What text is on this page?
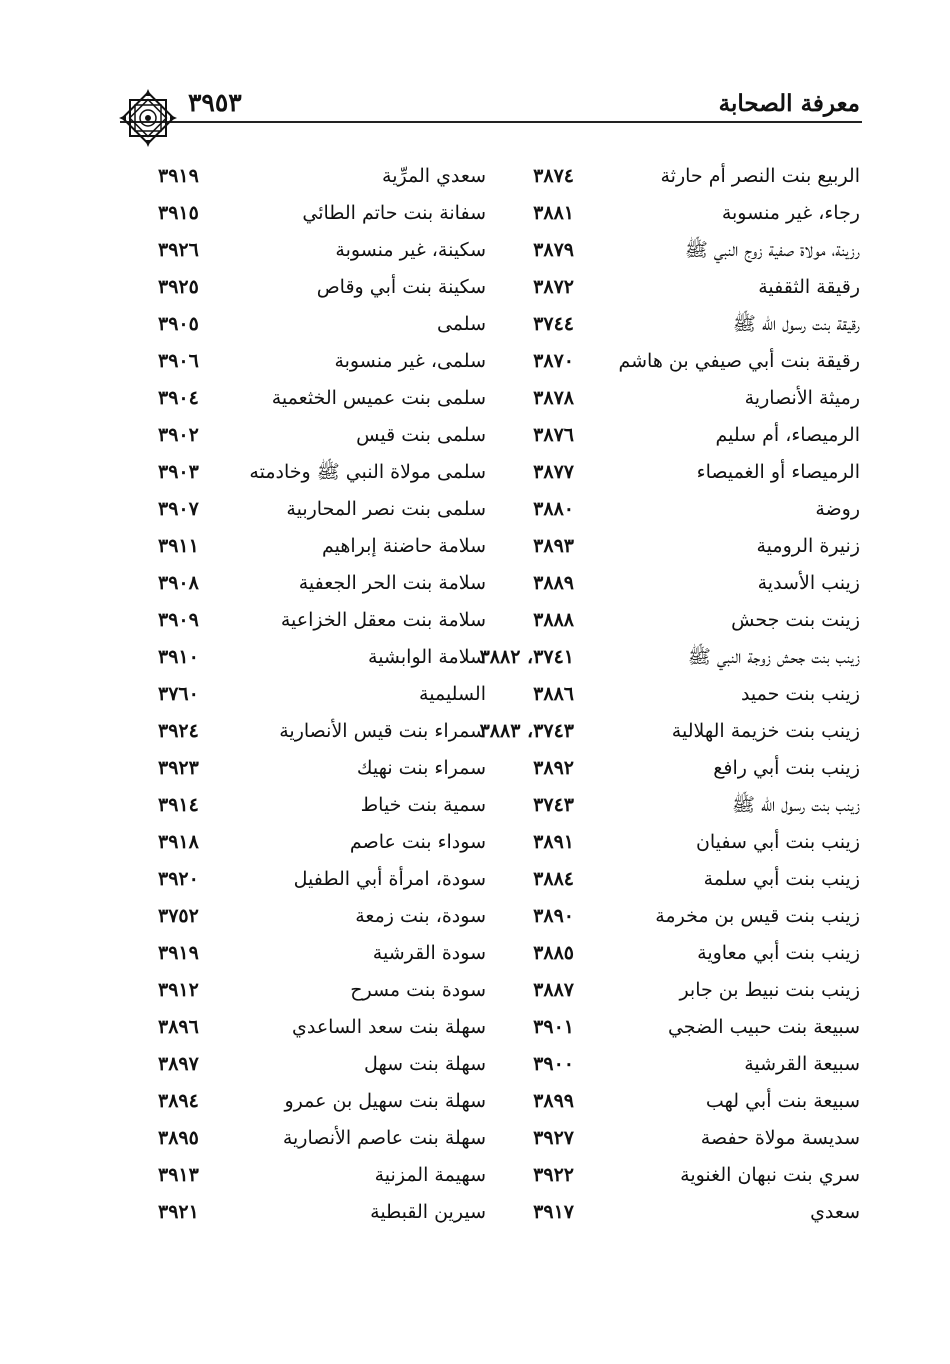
معرفة الصحابة
٣٩٥٣
الربيع بنت النصر أم حارثة
٣٨٧٤
سعدي المرِّية
٣٩١٩
رجاء، غير منسوبة
٣٨٨١
سفانة بنت حاتم الطائي
٣٩١٥
رزينة، مولاة صفية زوج النبي ﷺ
٣٨٧٩
سكينة، غير منسوبة
٣٩٢٦
رقيقة الثقفية
٣٨٧٢
سكينة بنت أبي وقاص
٣٩٢٥
رقيقة بنت رسول الله ﷺ
٣٧٤٤
سلمى
٣٩٠٥
رقيقة بنت أبي صيفي بن هاشم
٣٨٧٠
سلمى، غير منسوبة
٣٩٠٦
رميثة الأنصارية
٣٨٧٨
سلمى بنت عميس الخثعمية
٣٩٠٤
الرميصاء، أم سليم
٣٨٧٦
سلمى بنت قيس
٣٩٠٢
الرميصاء أو الغميصاء
٣٨٧٧
سلمى مولاة النبي ﷺ وخادمته
٣٩٠٣
روضة
٣٨٨٠
سلمى بنت نصر المحاربية
٣٩٠٧
زنيرة الرومية
٣٨٩٣
سلامة حاضنة إبراهيم
٣٩١١
زينب الأسدية
٣٨٨٩
سلامة بنت الحر الجعفية
٣٩٠٨
زينت بنت جحش
٣٨٨٨
سلامة بنت معقل الخزاعية
٣٩٠٩
زينب بنت جحش زوجة النبي ﷺ
٣٧٤١، ٣٨٨٢
سلامة الوابشية
٣٩١٠
زينب بنت حميد
٣٨٨٦
السليمية
٣٧٦٠
زينب بنت خزيمة الهلالية
٣٧٤٣، ٣٨٨٣
سمراء بنت قيس الأنصارية
٣٩٢٤
زينب بنت أبي رافع
٣٨٩٢
سمراء بنت نهيك
٣٩٢٣
زينب بنت رسول الله ﷺ
٣٧٤٣
سمية بنت خياط
٣٩١٤
زينب بنت أبي سفيان
٣٨٩١
سوداء بنت عاصم
٣٩١٨
زينب بنت أبي سلمة
٣٨٨٤
سودة، امرأة أبي الطفيل
٣٩٢٠
زينب بنت قيس بن مخرمة
٣٨٩٠
سودة، بنت زمعة
٣٧٥٢
زينب بنت أبي معاوية
٣٨٨٥
سودة القرشية
٣٩١٩
زينب بنت نبيط بن جابر
٣٨٨٧
سودة بنت مسرح
٣٩١٢
سبيعة بنت حبيب الضجي
٣٩٠١
سهلة بنت سعد الساعدي
٣٨٩٦
سبيعة القرشية
٣٩٠٠
سهلة بنت سهل
٣٨٩٧
سبيعة بنت أبي لهب
٣٨٩٩
سهلة بنت سهيل بن عمرو
٣٨٩٤
سديسة مولاة حفصة
٣٩٢٧
سهلة بنت عاصم الأنصارية
٣٨٩٥
سري بنت نبهان الغنوية
٣٩٢٢
سهيمة المزنية
٣٩١٣
سعدي
٣٩١٧
سيرين القبطية
٣٩٢١
